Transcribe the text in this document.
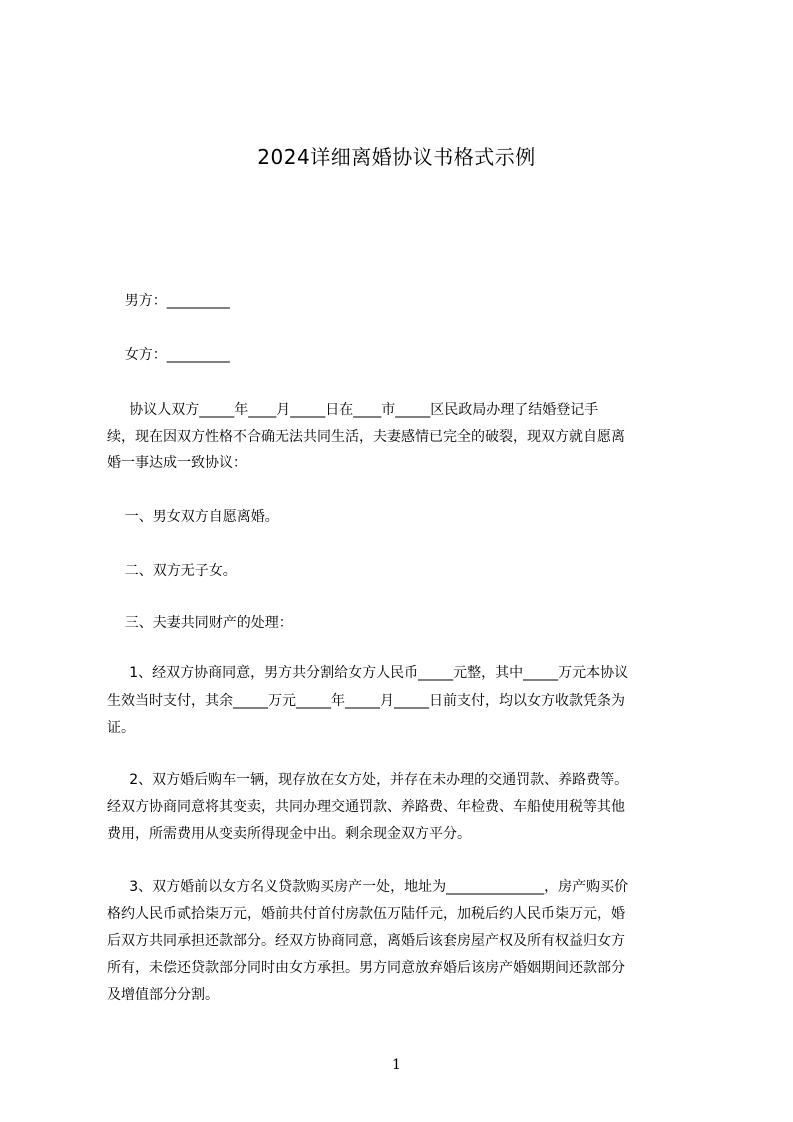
2024详细离婚协议书格式示例
男方：_________
女方：_________
协议人双方_____年____月_____日在____市_____区民政局办理了结婚登记手
续，现在因双方性格不合确无法共同生活，夫妻感情已完全的破裂，现双方就自愿离
婚一事达成一致协议：
一、男女双方自愿离婚。
二、双方无子女。
三、夫妻共同财产的处理：
1、经双方协商同意，男方共分割给女方人民币_____元整，其中_____万元本协议
生效当时支付，其余_____万元_____年_____月_____日前支付，均以女方收款凭条为
证。
2、双方婚后购车一辆，现存放在女方处，并存在未办理的交通罚款、养路费等。
经双方协商同意将其变卖，共同办理交通罚款、养路费、年检费、车船使用税等其他
费用，所需费用从变卖所得现金中出。剩余现金双方平分。
3、双方婚前以女方名义贷款购买房产一处，地址为______________，房产购买价
格约人民币贰拾柒万元，婚前共付首付房款伍万陆仟元，加税后约人民币柒万元，婚
后双方共同承担还款部分。经双方协商同意，离婚后该套房屋产权及所有权益归女方
所有，未偿还贷款部分同时由女方承担。男方同意放弃婚后该房产婚姻期间还款部分
及增值部分分割。
1
